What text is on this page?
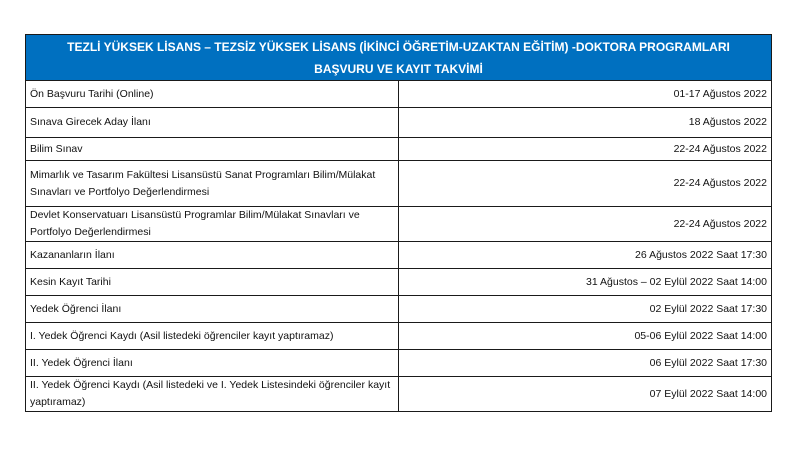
TEZLİ YÜKSEK LİSANS – TEZSİZ YÜKSEK LİSANS (İKİNCİ ÖĞRETİM-UZAKTAN EĞİTİM) -DOKTORA PROGRAMLARI
BAŞVURU VE KAYIT TAKVİMİ	

Ön Başvuru Tarihi (Online)	01-17 Ağustos 2022
Sınava Girecek Aday İlanı	18 Ağustos 2022
Bilim Sınav	22-24 Ağustos 2022
Mimarlık ve Tasarım Fakültesi Lisansüstü Sanat Programları Bilim/Mülakat Sınavları ve Portfolyo Değerlendirmesi	22-24 Ağustos 2022
Devlet Konservatuarı Lisansüstü Programlar Bilim/Mülakat Sınavları ve Portfolyo Değerlendirmesi	22-24 Ağustos 2022
Kazananların İlanı	26 Ağustos 2022 Saat 17:30
Kesin Kayıt Tarihi	31 Ağustos – 02 Eylül 2022 Saat 14:00
Yedek Öğrenci İlanı	02 Eylül 2022 Saat 17:30
I. Yedek Öğrenci Kaydı (Asil listedeki öğrenciler kayıt yaptıramaz)	05-06 Eylül 2022 Saat 14:00
II. Yedek Öğrenci İlanı	06 Eylül 2022 Saat 17:30
II. Yedek Öğrenci Kaydı (Asil listedeki ve I. Yedek Listesindeki öğrenciler kayıt yaptıramaz)	07 Eylül 2022 Saat 14:00
